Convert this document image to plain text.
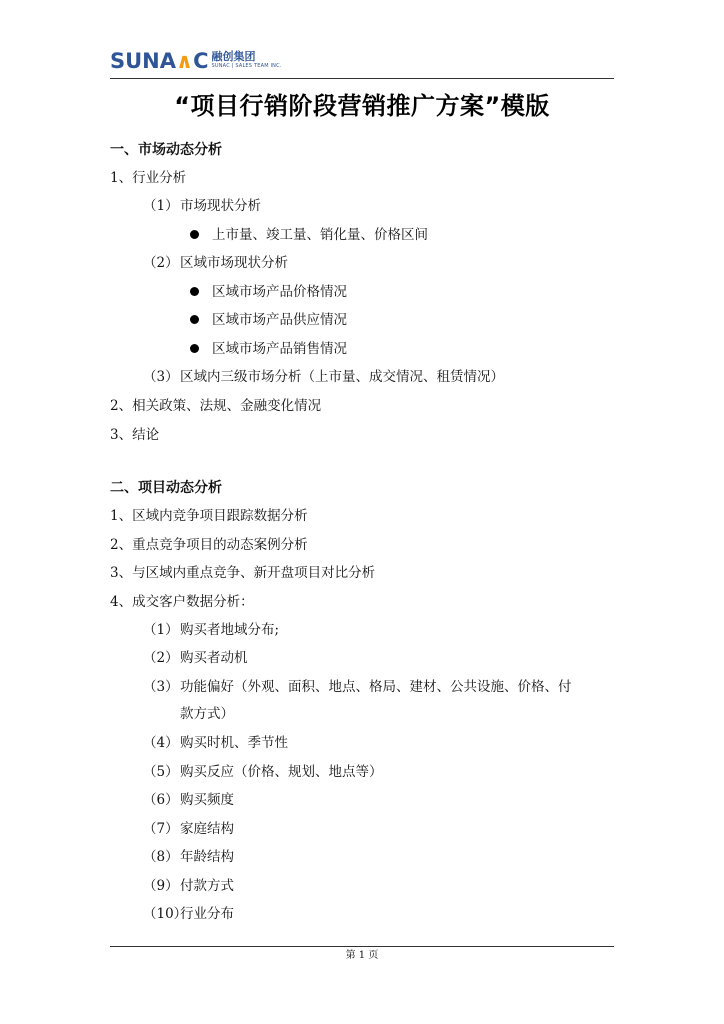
SUNA∧C 融创集团
SUNAC | SALES TEAM INC.
“项目行销阶段营销推广方案”模版
一、市场动态分析
1、行业分析
（1） 市场现状分析
上市量、竣工量、销化量、价格区间
（2） 区域市场现状分析
区域市场产品价格情况
区域市场产品供应情况
区域市场产品销售情况
（3） 区域内三级市场分析（上市量、成交情况、租赁情况）
2、相关政策、法规、金融变化情况
3、结论
二、项目动态分析
1、区域内竞争项目跟踪数据分析
2、重点竞争项目的动态案例分析
3、与区域内重点竞争、新开盘项目对比分析
4、成交客户数据分析：
（1） 购买者地域分布;
（2） 购买者动机
（3） 功能偏好（外观、面积、地点、格局、建材、公共设施、价格、付
款方式）
（4） 购买时机、季节性
（5） 购买反应（价格、规划、地点等）
（6） 购买频度
（7） 家庭结构
（8） 年龄结构
（9） 付款方式
（10）
行业分布
第 1 页
